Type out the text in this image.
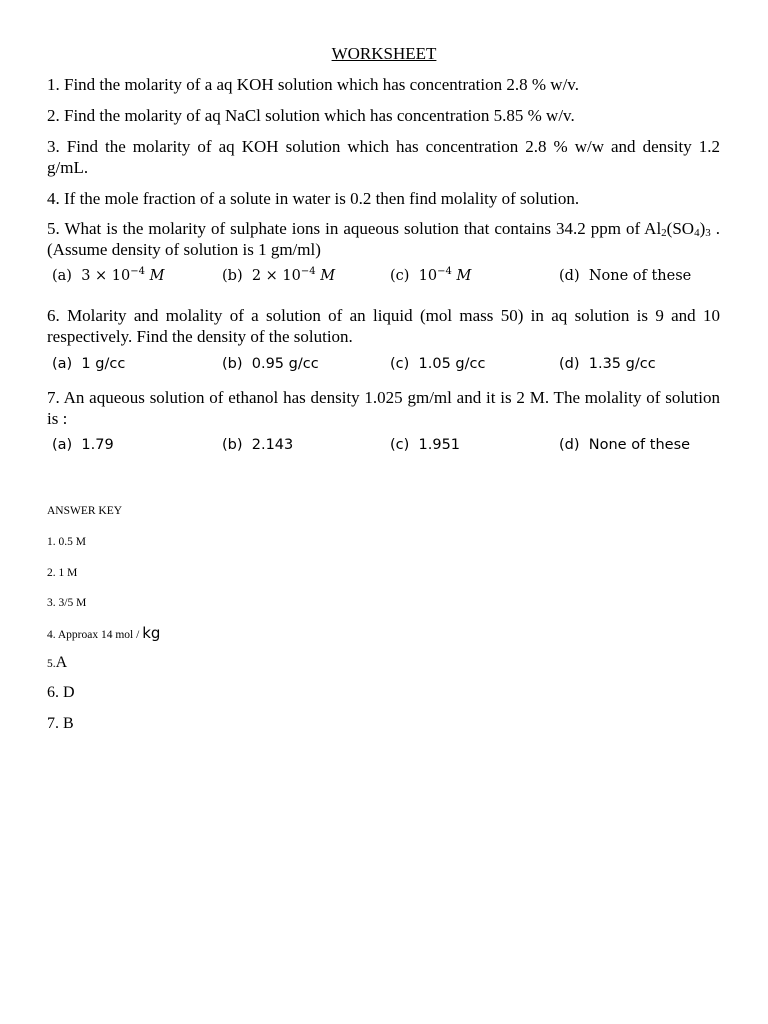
WORKSHEET
1. Find the molarity of a aq KOH solution which has concentration 2.8 % w/v.
2. Find the molarity of aq NaCl solution which has concentration 5.85 % w/v.
3. Find the molarity of aq KOH solution which has concentration 2.8 % w/w and density 1.2 g/mL.
4. If the mole fraction of a solute in water is 0.2 then find molality of solution.
5. What is the molarity of sulphate ions in aqueous solution that contains 34.2 ppm of $Al_2(SO_4)_3$ .(Assume density of solution is 1 gm/ml)
(a) $3 \times 10^{-4}$ M	(b) $2 \times 10^{-4}$ M	(c) $10^{-4}$ M	(d) None of these
6. Molarity and molality of a solution of an liquid (mol mass 50) in aq solution is 9 and 10 respectively. Find the density of the solution.
(a) 1 g/cc	(b) 0.95 g/cc	(c) 1.05 g/cc	(d) 1.35 g/cc
7. An aqueous solution of ethanol has density 1.025 gm/ml and it is 2 M. The molality of solution is :
(a) 1.79	(b) 2.143	(c) 1.951	(d) None of these
ANSWER KEY
1. 0.5 M
2. 1 M
3. 3/5 M
4. Approax 14 mol / kg
5.A
6. D
7. B
